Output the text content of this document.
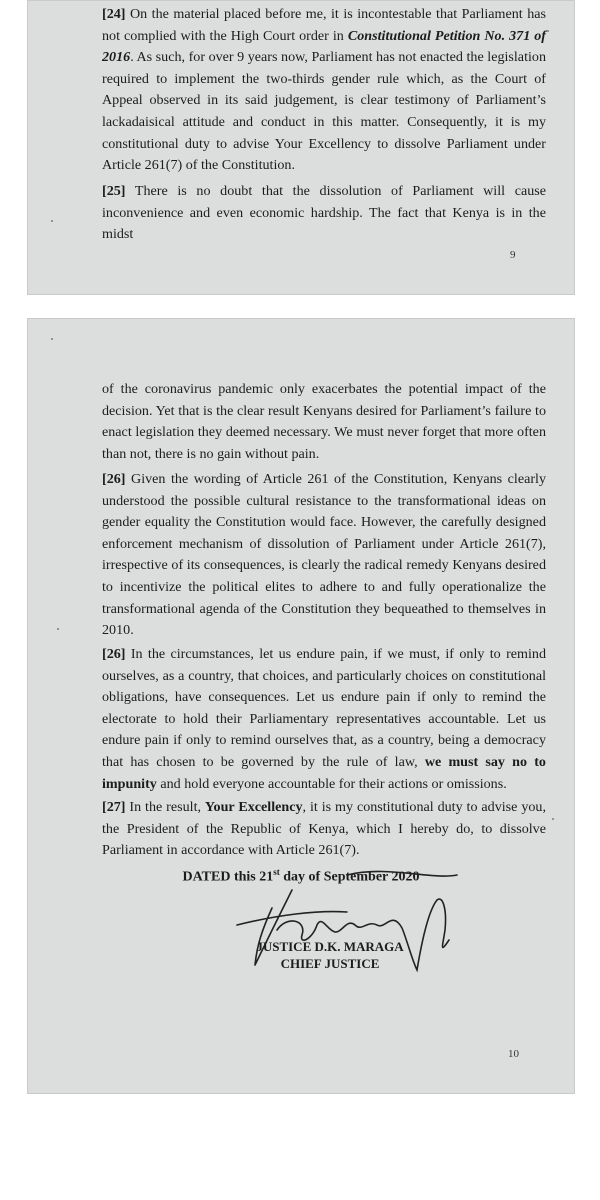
[24] On the material placed before me, it is incontestable that Parliament has not complied with the High Court order in Constitutional Petition No. 371 of 2016. As such, for over 9 years now, Parliament has not enacted the legislation required to implement the two-thirds gender rule which, as the Court of Appeal observed in its said judgement, is clear testimony of Parliament’s lackadaisical attitude and conduct in this matter. Consequently, it is my constitutional duty to advise Your Excellency to dissolve Parliament under Article 261(7) of the Constitution.

[25] There is no doubt that the dissolution of Parliament will cause inconvenience and even economic hardship. The fact that Kenya is in the midst

9

of the coronavirus pandemic only exacerbates the potential impact of the decision. Yet that is the clear result Kenyans desired for Parliament’s failure to enact legislation they deemed necessary. We must never forget that more often than not, there is no gain without pain.

[26] Given the wording of Article 261 of the Constitution, Kenyans clearly understood the possible cultural resistance to the transformational ideas on gender equality the Constitution would face. However, the carefully designed enforcement mechanism of dissolution of Parliament under Article 261(7), irrespective of its consequences, is clearly the radical remedy Kenyans desired to incentivize the political elites to adhere to and fully operationalize the transformational agenda of the Constitution they bequeathed to themselves in 2010.

[26] In the circumstances, let us endure pain, if we must, if only to remind ourselves, as a country, that choices, and particularly choices on constitutional obligations, have consequences. Let us endure pain if only to remind the electorate to hold their Parliamentary representatives accountable. Let us endure pain if only to remind ourselves that, as a country, being a democracy that has chosen to be governed by the rule of law, we must say no to impunity and hold everyone accountable for their actions or omissions.

[27] In the result, Your Excellency, it is my constitutional duty to advise you, the President of the Republic of Kenya, which I hereby do, to dissolve Parliament in accordance with Article 261(7).

DATED this 21st day of September 2020
JUSTICE D.K. MARAGA
CHIEF JUSTICE
10
